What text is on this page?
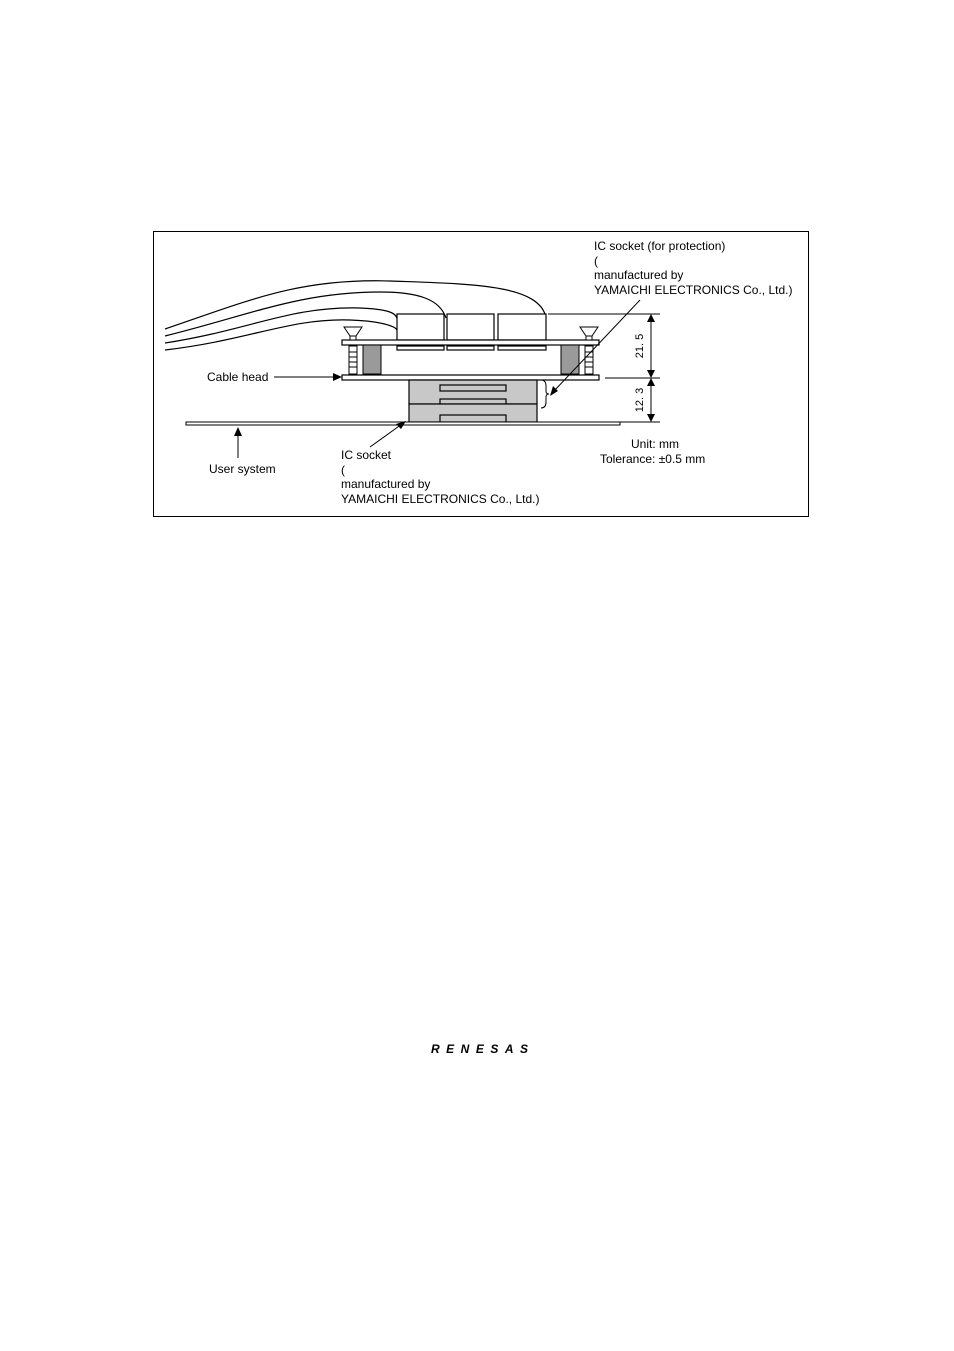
21. 5
12. 3
IC socket (for protection) ( manufactured by YAMAICHI ELECTRONICS Co., Ltd.)
Cable head
IC socket ( manufactured by YAMAICHI ELECTRONICS Co., Ltd.)
User system
Unit: mm
Tolerance: ±0.5 mm
RENESAS
